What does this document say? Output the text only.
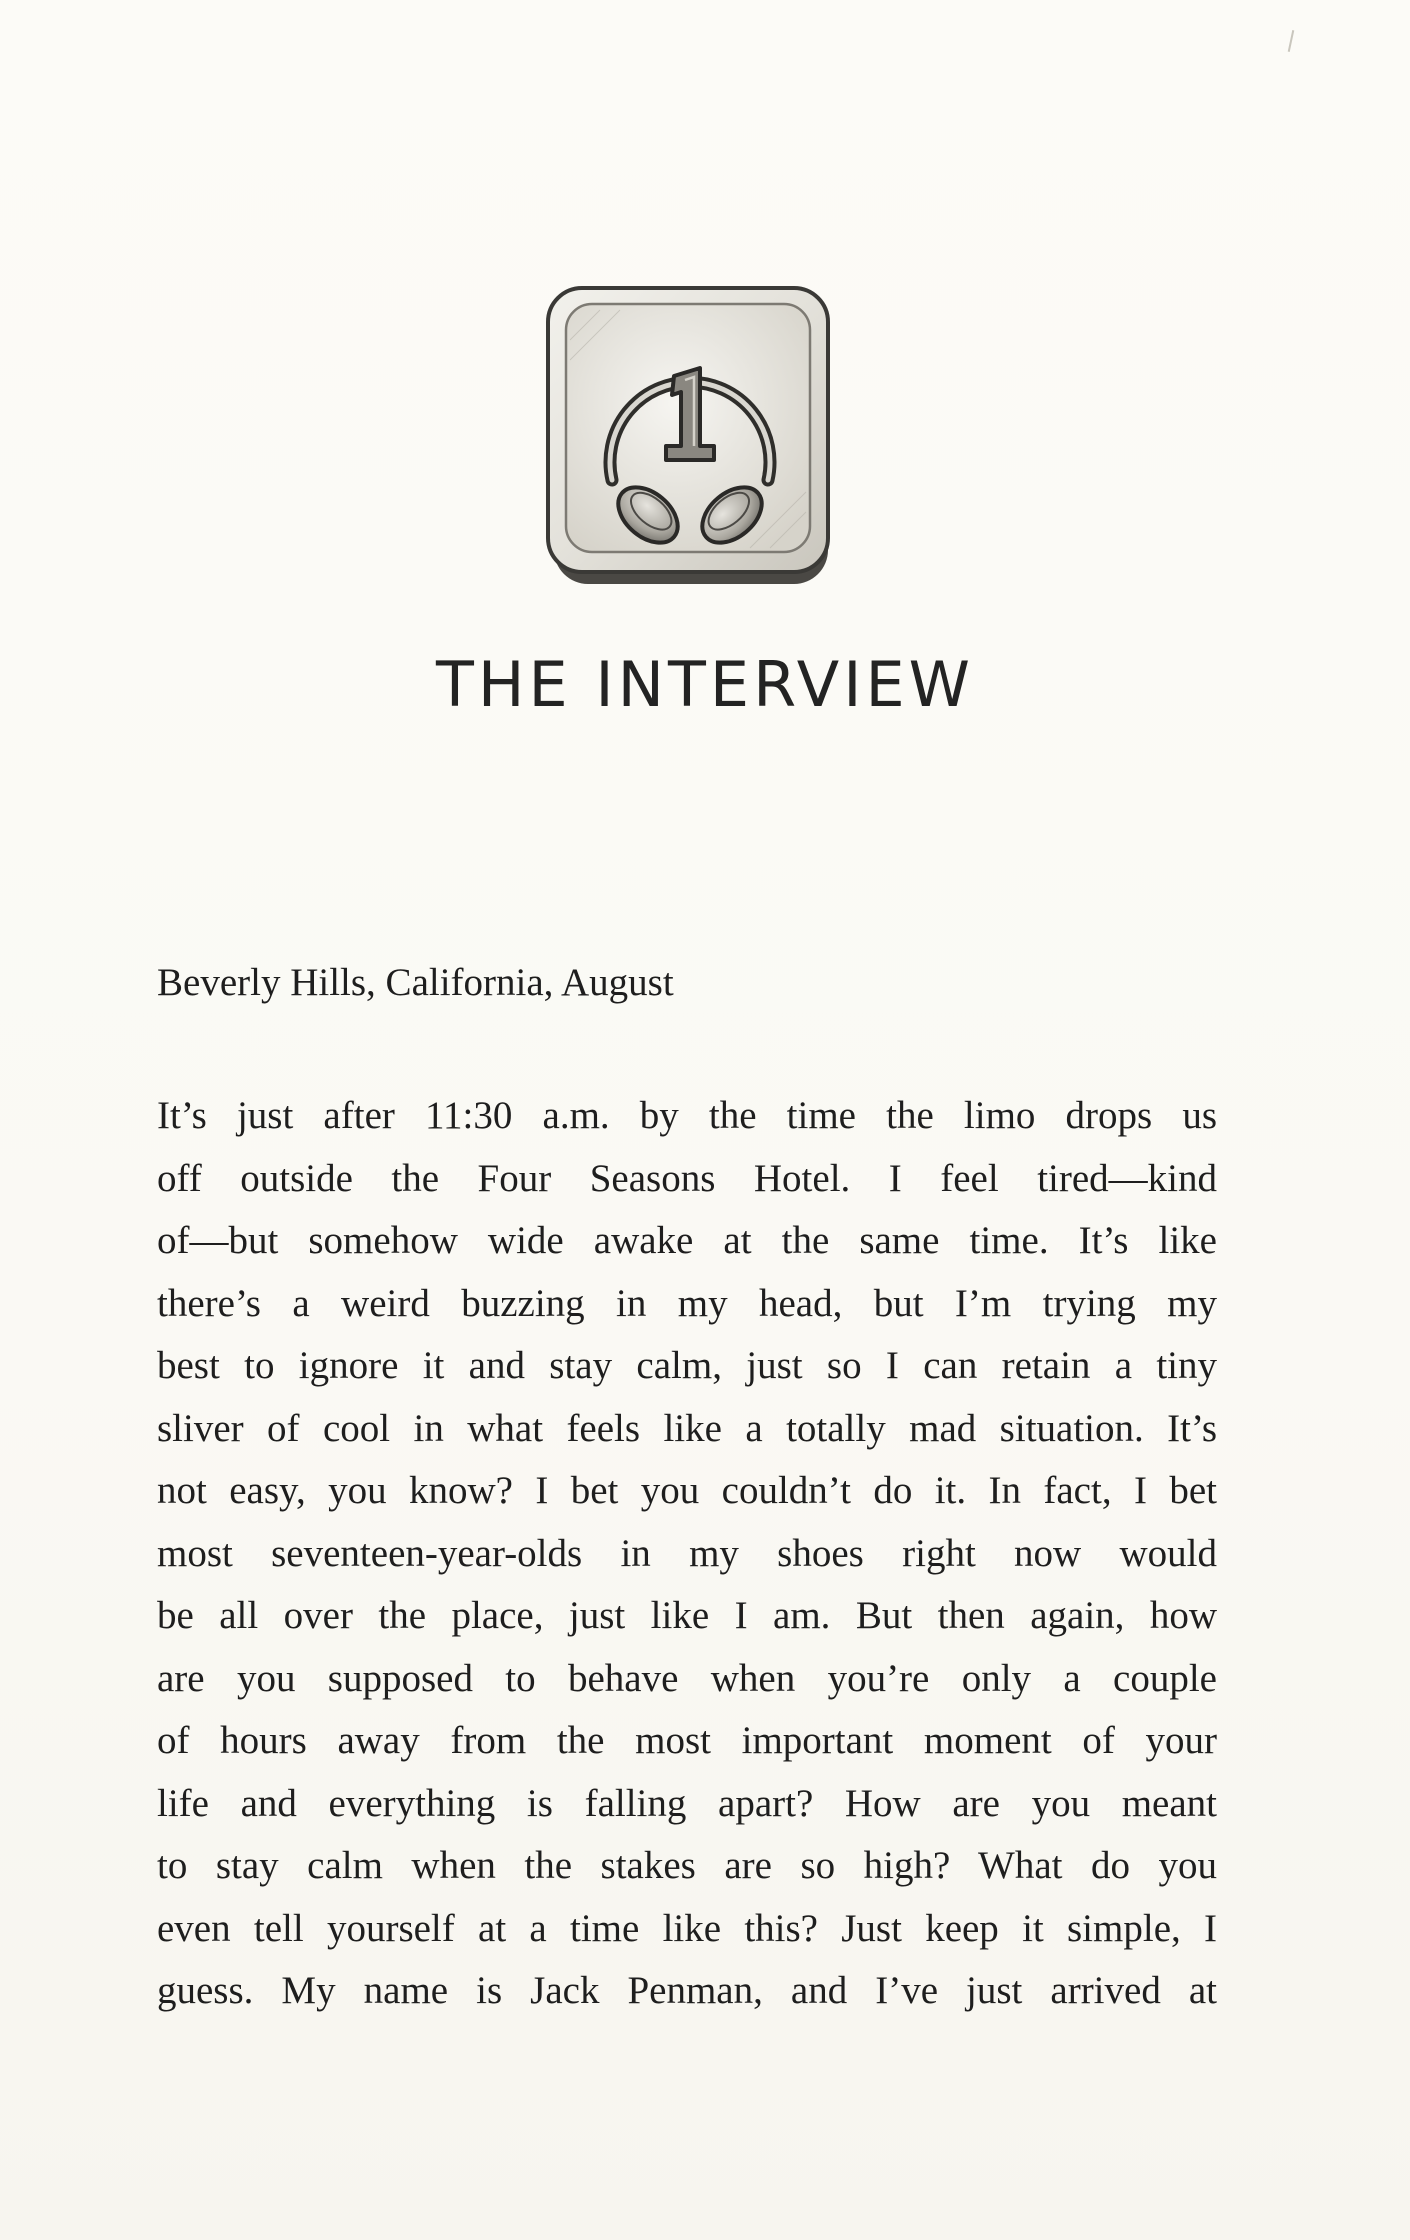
THE INTERVIEW

Beverly Hills, California, August

It’s just after 11:30 a.m. by the time the limo drops us
off outside the Four Seasons Hotel. I feel tired—kind
of—but somehow wide awake at the same time. It’s like
there’s a weird buzzing in my head, but I’m trying my
best to ignore it and stay calm, just so I can retain a tiny
sliver of cool in what feels like a totally mad situation. It’s
not easy, you know? I bet you couldn’t do it. In fact, I bet
most seventeen-year-olds in my shoes right now would
be all over the place, just like I am. But then again, how
are you supposed to behave when you’re only a couple
of hours away from the most important moment of your
life and everything is falling apart? How are you meant
to stay calm when the stakes are so high? What do you
even tell yourself at a time like this? Just keep it simple, I
guess. My name is Jack Penman, and I’ve just arrived at
